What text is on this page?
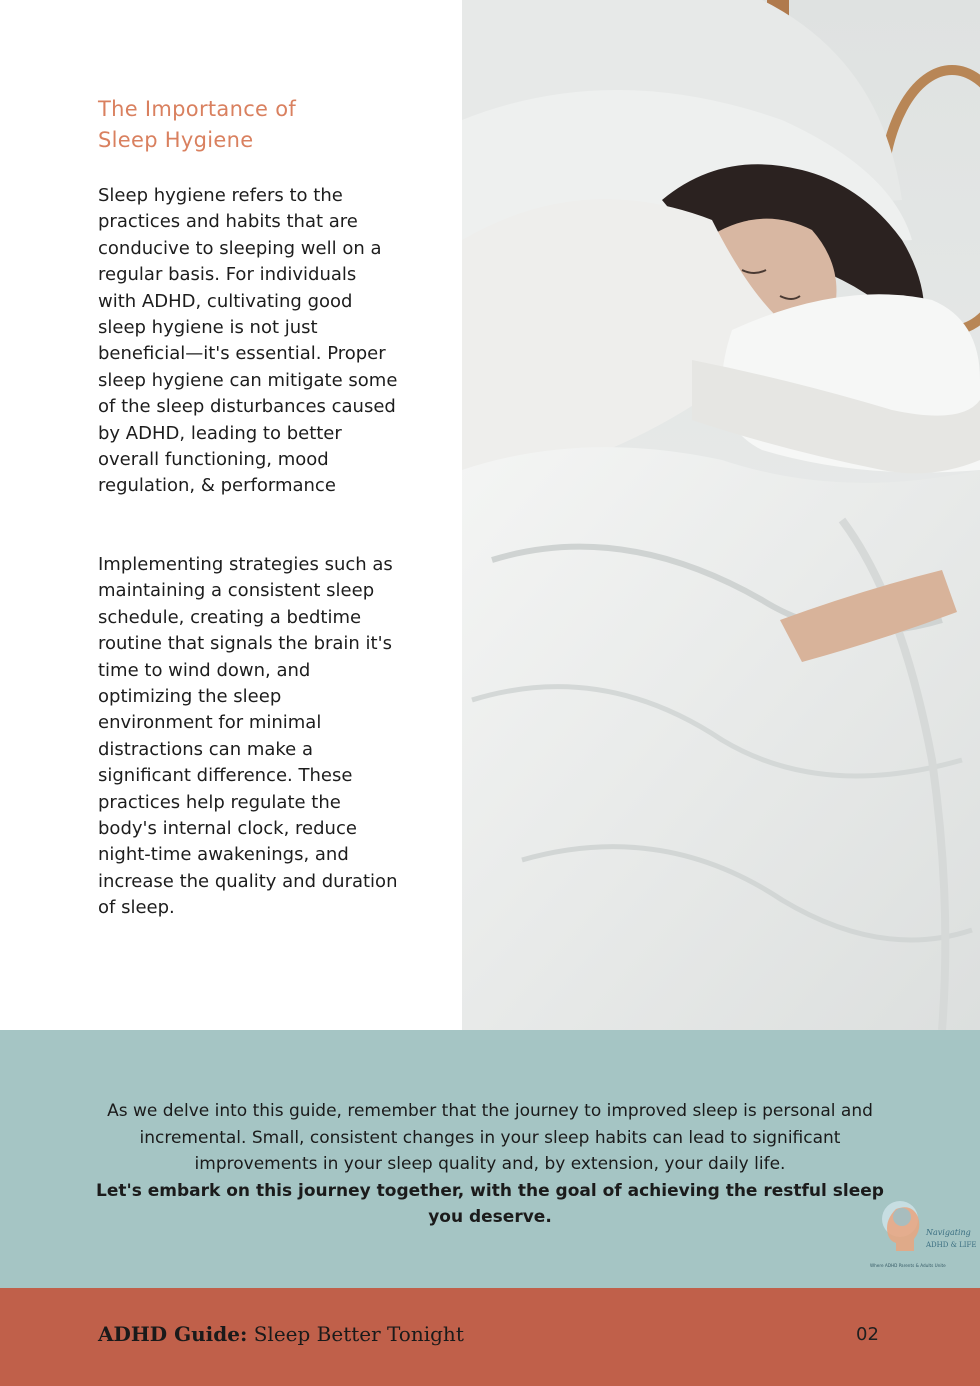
The Importance of
Sleep Hygiene

Sleep hygiene refers to the practices and habits that are conducive to sleeping well on a regular basis. For individuals with ADHD, cultivating good sleep hygiene is not just beneficial—it's essential. Proper sleep hygiene can mitigate some of the sleep disturbances caused by ADHD, leading to better overall functioning, mood regulation, & performance

Implementing strategies such as maintaining a consistent sleep schedule, creating a bedtime routine that signals the brain it's time to wind down, and optimizing the sleep environment for minimal distractions can make a significant difference. These practices help regulate the body's internal clock, reduce night-time awakenings, and increase the quality and duration of sleep.

As we delve into this guide, remember that the journey to improved sleep is personal and incremental. Small, consistent changes in your sleep habits can lead to significant improvements in your sleep quality and, by extension, your daily life.
Let's embark on this journey together, with the goal of achieving the restful sleep you deserve.

Navigating
ADHD & LIFE
Where ADHD Parents & Adults Unite
ADHD Guide: Sleep Better Tonight	02
